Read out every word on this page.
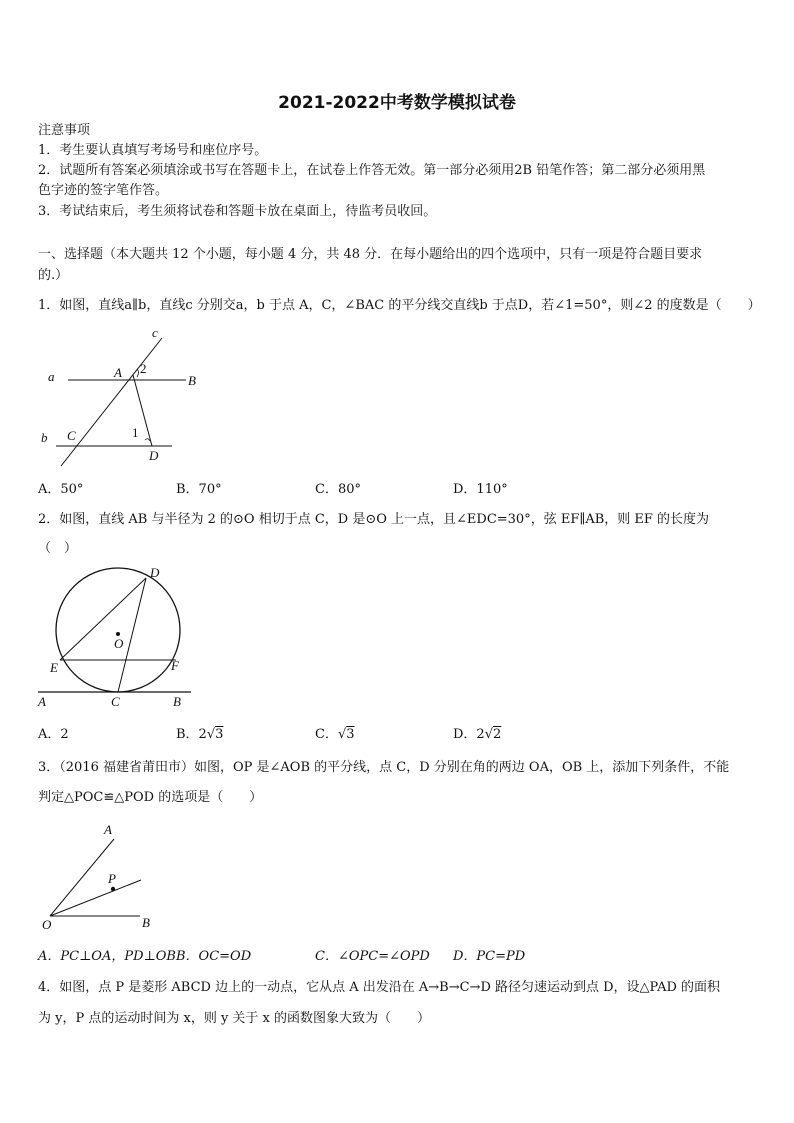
2021-2022中考数学模拟试卷
注意事项
1．考生要认真填写考场号和座位序号。
2．试题所有答案必须填涂或书写在答题卡上，在试卷上作答无效。第一部分必须用2B 铅笔作答；第二部分必须用黑
色字迹的签字笔作答。
3．考试结束后，考生须将试卷和答题卡放在桌面上，待监考员收回。
一、选择题（本大题共 12 个小题，每小题 4 分，共 48 分．在每小题给出的四个选项中，只有一项是符合题目要求
的.）
1．如图，直线a∥b，直线c 分别交a，b 于点 A，C，∠BAC 的平分线交直线b 于点D，若∠1=50°，则∠2 的度数是（　　）
c
a	A 2
B
b C	1
D
A．50°	B．70°	C．80°	D．110°
2．如图，直线 AB 与半径为 2 的⊙O 相切于点 C，D 是⊙O 上一点，且∠EDC=30°，弦 EF∥AB，则 EF 的长度为
（　）
D
O
E	F
A	C	B
A．2	B．2√3	C．√3	D．2√2
3．（2016 福建省莆田市）如图，OP 是∠AOB 的平分线，点 C，D 分别在角的两边 OA，OB 上，添加下列条件，不能
判定△POC≌△POD 的选项是（　　）
A
P
O	B
A．PC⊥OA，PD⊥OB B．OC=OD	C．∠OPC=∠OPD D．PC=PD
4．如图，点 P 是菱形 ABCD 边上的一动点，它从点 A 出发沿在 A→B→C→D 路径匀速运动到点 D，设△PAD 的面积
为 y，P 点的运动时间为 x，则 y 关于 x 的函数图象大致为（　　）
